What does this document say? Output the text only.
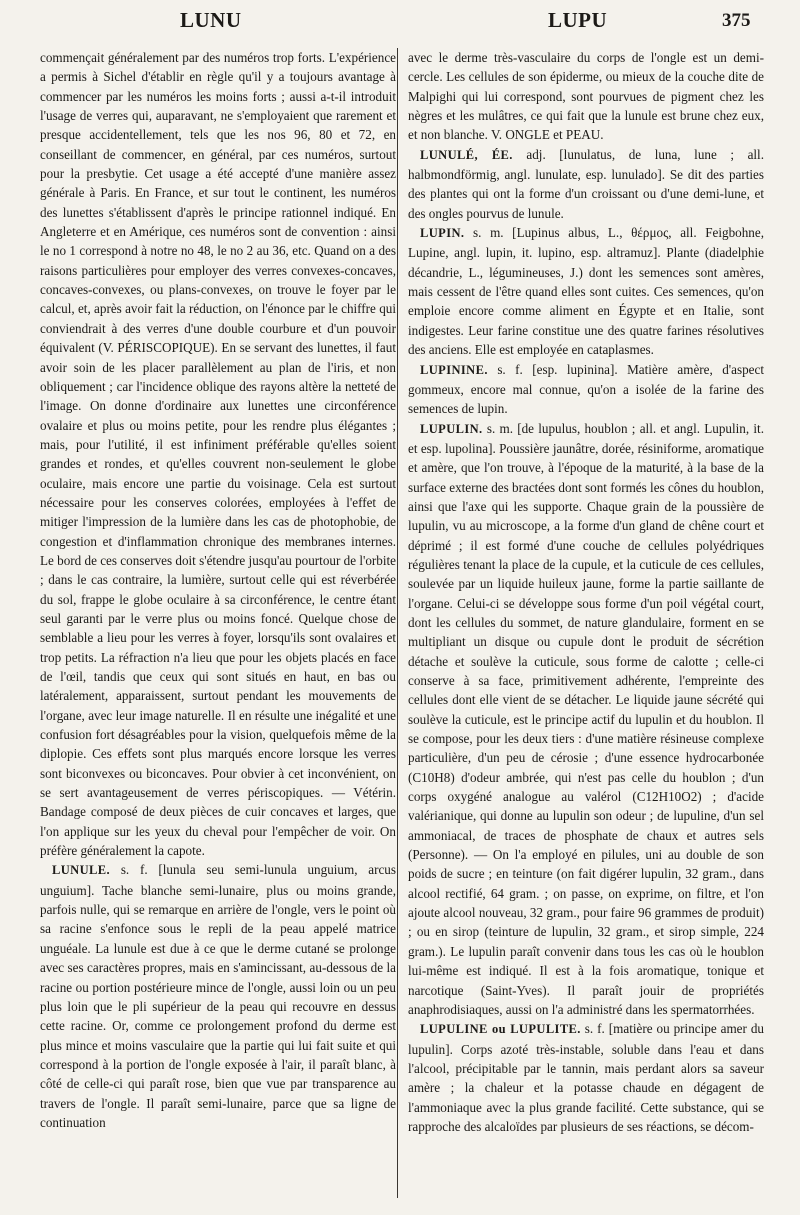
LUNU	LUPU	375

commençait généralement par des numéros trop forts. L'expérience a permis à Sichel d'établir en règle qu'il y a toujours avantage à commencer par les numéros les moins forts ; aussi a-t-il introduit l'usage de verres qui, auparavant, ne s'employaient que rarement et presque accidentellement, tels que les nos 96, 80 et 72, en conseillant de commencer, en général, par ces numéros, surtout pour la presbytie. Cet usage a été accepté d'une manière assez générale à Paris. En France, et sur tout le continent, les numéros des lunettes s'établissent d'après le principe rationnel indiqué. En Angleterre et en Amérique, ces numéros sont de convention : ainsi le no 1 correspond à notre no 48, le no 2 au 36, etc. Quand on a des raisons particulières pour employer des verres convexes-concaves, concaves-convexes, ou plans-convexes, on trouve le foyer par le calcul, et, après avoir fait la réduction, on l'énonce par le chiffre qui conviendrait à des verres d'une double courbure et d'un pouvoir équivalent (V. PÉRISCOPIQUE). En se servant des lunettes, il faut avoir soin de les placer parallèlement au plan de l'iris, et non obliquement ; car l'incidence oblique des rayons altère la netteté de l'image. On donne d'ordinaire aux lunettes une circonférence ovalaire et plus ou moins petite, pour les rendre plus élégantes ; mais, pour l'utilité, il est infiniment préférable qu'elles soient grandes et rondes, et qu'elles couvrent non-seulement le globe oculaire, mais encore une partie du voisinage. Cela est surtout nécessaire pour les conserves colorées, employées à l'effet de mitiger l'impression de la lumière dans les cas de photophobie, de congestion et d'inflammation chronique des membranes internes. Le bord de ces conserves doit s'étendre jusqu'au pourtour de l'orbite ; dans le cas contraire, la lumière, surtout celle qui est réverbérée du sol, frappe le globe oculaire à sa circonférence, le centre étant seul garanti par le verre plus ou moins foncé. Quelque chose de semblable a lieu pour les verres à foyer, lorsqu'ils sont ovalaires et trop petits. La réfraction n'a lieu que pour les objets placés en face de l'œil, tandis que ceux qui sont situés en haut, en bas ou latéralement, apparaissent, surtout pendant les mouvements de l'organe, avec leur image naturelle. Il en résulte une inégalité et une confusion fort désagréables pour la vision, quelquefois même de la diplopie. Ces effets sont plus marqués encore lorsque les verres sont biconvexes ou biconcaves. Pour obvier à cet inconvénient, on se sert avantageusement de verres périscopiques. — Vétérin. Bandage composé de deux pièces de cuir concaves et larges, que l'on applique sur les yeux du cheval pour l'empêcher de voir. On préfère généralement la capote.

LUNULE. s. f. [lunula seu semi-lunula unguium, arcus unguium]. Tache blanche semi-lunaire, plus ou moins grande, parfois nulle, qui se remarque en arrière de l'ongle, vers le point où sa racine s'enfonce sous le repli de la peau appelé matrice unguéale. La lunule est due à ce que le derme cutané se prolonge avec ses caractères propres, mais en s'amincissant, au-dessous de la racine ou portion postérieure mince de l'ongle, aussi loin ou un peu plus loin que le pli supérieur de la peau qui recouvre en dessus cette racine. Or, comme ce prolongement profond du derme est plus mince et moins vasculaire que la partie qui lui fait suite et qui correspond à la portion de l'ongle exposée à l'air, il paraît blanc, à côté de celle-ci qui paraît rose, bien que vue par transparence au travers de l'ongle. Il paraît semi-lunaire, parce que sa ligne de continuation

avec le derme très-vasculaire du corps de l'ongle est un demi-cercle. Les cellules de son épiderme, ou mieux de la couche dite de Malpighi qui lui correspond, sont pourvues de pigment chez les nègres et les mulâtres, ce qui fait que la lunule est brune chez eux, et non blanche. V. ONGLE et PEAU.

LUNULÉ, ÉE. adj. [lunulatus, de luna, lune ; all. halbmondförmig, angl. lunulate, esp. lunulado]. Se dit des parties des plantes qui ont la forme d'un croissant ou d'une demi-lune, et des ongles pourvus de lunule.

LUPIN. s. m. [Lupinus albus, L., θέρμος, all. Feigbohne, Lupine, angl. lupin, it. lupino, esp. altramuz]. Plante (diadelphie décandrie, L., légumineuses, J.) dont les semences sont amères, mais cessent de l'être quand elles sont cuites. Ces semences, qu'on emploie encore comme aliment en Égypte et en Italie, sont indigestes. Leur farine constitue une des quatre farines résolutives des anciens. Elle est employée en cataplasmes.

LUPININE. s. f. [esp. lupinina]. Matière amère, d'aspect gommeux, encore mal connue, qu'on a isolée de la farine des semences de lupin.

LUPULIN. s. m. [de lupulus, houblon ; all. et angl. Lupulin, it. et esp. lupolina]. Poussière jaunâtre, dorée, résiniforme, aromatique et amère, que l'on trouve, à l'époque de la maturité, à la base de la surface externe des bractées dont sont formés les cônes du houblon, ainsi que l'axe qui les supporte. Chaque grain de la poussière de lupulin, vu au microscope, a la forme d'un gland de chêne court et déprimé ; il est formé d'une couche de cellules polyédriques régulières tenant la place de la cupule, et la cuticule de ces cellules, soulevée par un liquide huileux jaune, forme la partie saillante de l'organe. Celui-ci se développe sous forme d'un poil végétal court, dont les cellules du sommet, de nature glandulaire, forment en se multipliant un disque ou cupule dont le produit de sécrétion détache et soulève la cuticule, sous forme de calotte ; celle-ci conserve à sa face, primitivement adhérente, l'empreinte des cellules dont elle vient de se détacher. Le liquide jaune sécrété qui soulève la cuticule, est le principe actif du lupulin et du houblon. Il se compose, pour les deux tiers : d'une matière résineuse complexe particulière, d'un peu de cérosie ; d'une essence hydrocarbonée (C10H8) d'odeur ambrée, qui n'est pas celle du houblon ; d'un corps oxygéné analogue au valérol (C12H10O2) ; d'acide valérianique, qui donne au lupulin son odeur ; de lupuline, d'un sel ammoniacal, de traces de phosphate de chaux et autres sels (Personne). — On l'a employé en pilules, uni au double de son poids de sucre ; en teinture (on fait digérer lupulin, 32 gram., dans alcool rectifié, 64 gram. ; on passe, on exprime, on filtre, et l'on ajoute alcool nouveau, 32 gram., pour faire 96 grammes de produit) ; ou en sirop (teinture de lupulin, 32 gram., et sirop simple, 224 gram.). Le lupulin paraît convenir dans tous les cas où le houblon lui-même est indiqué. Il est à la fois aromatique, tonique et narcotique (Saint-Yves). Il paraît jouir de propriétés anaphrodisiaques, aussi on l'a administré dans les spermatorrhées.

LUPULINE ou LUPULITE. s. f. [matière ou principe amer du lupulin]. Corps azoté très-instable, soluble dans l'eau et dans l'alcool, précipitable par le tannin, mais perdant alors sa saveur amère ; la chaleur et la potasse chaude en dégagent de l'ammoniaque avec la plus grande facilité. Cette substance, qui se rapproche des alcaloïdes par plusieurs de ses réactions, se décom-
